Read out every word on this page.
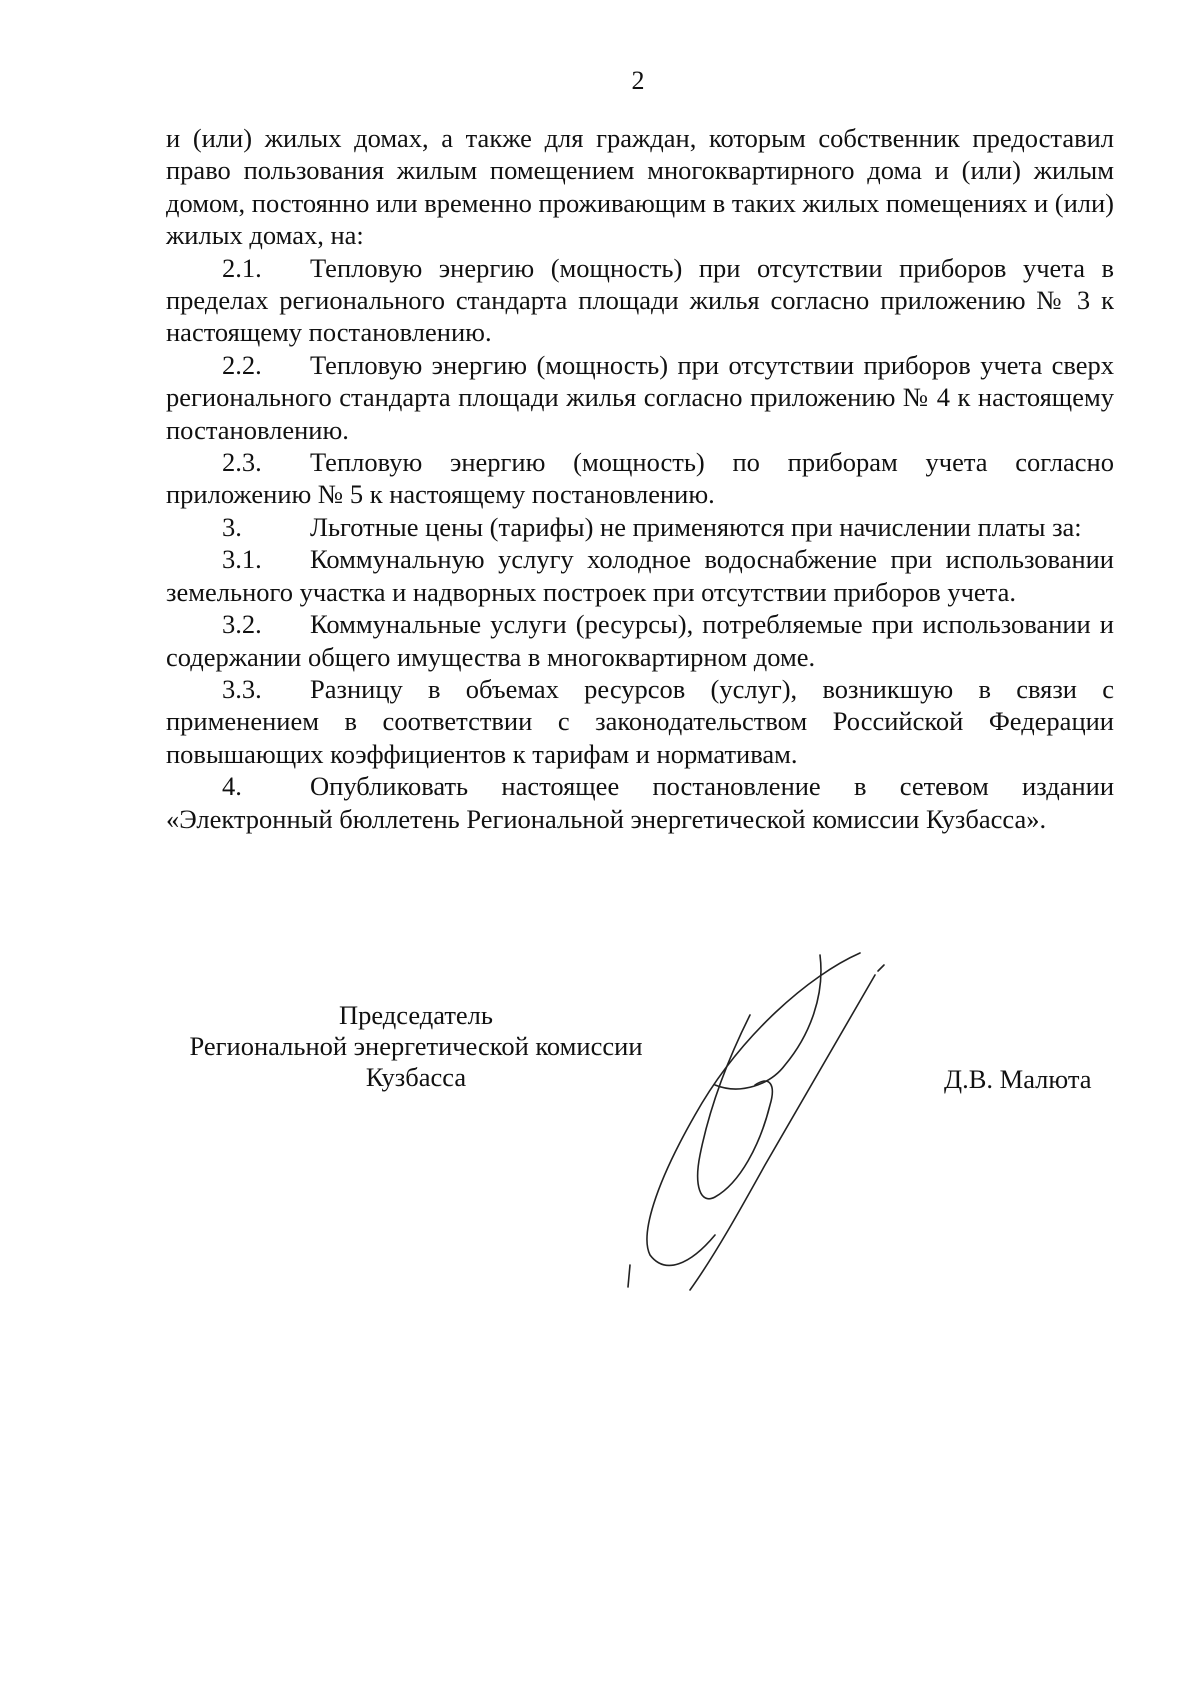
2

и (или) жилых домах, а также для граждан, которым собственник предоставил право пользования жилым помещением многоквартирного дома и (или) жилым домом, постоянно или временно проживающим в таких жилых помещениях и (или) жилых домах, на:

2.1. Тепловую энергию (мощность) при отсутствии приборов учета в пределах регионального стандарта площади жилья согласно приложению № 3 к настоящему постановлению.

2.2. Тепловую энергию (мощность) при отсутствии приборов учета сверх регионального стандарта площади жилья согласно приложению № 4 к настоящему постановлению.

2.3. Тепловую энергию (мощность) по приборам учета согласно приложению № 5 к настоящему постановлению.

3.	Льготные цены (тарифы) не применяются при начислении платы за:

3.1. Коммунальную услугу холодное водоснабжение при использовании земельного участка и надворных построек при отсутствии приборов учета.

3.2. Коммунальные услуги (ресурсы), потребляемые при использовании и содержании общего имущества в многоквартирном доме.

3.3. Разницу в объемах ресурсов (услуг), возникшую в связи с применением в соответствии с законодательством Российской Федерации повышающих коэффициентов к тарифам и нормативам.

4.	Опубликовать настоящее постановление в сетевом издании «Электронный бюллетень Региональной энергетической комиссии Кузбасса».

Председатель
Региональной энергетической комиссии
Кузбасса	Д.В. Малюта
